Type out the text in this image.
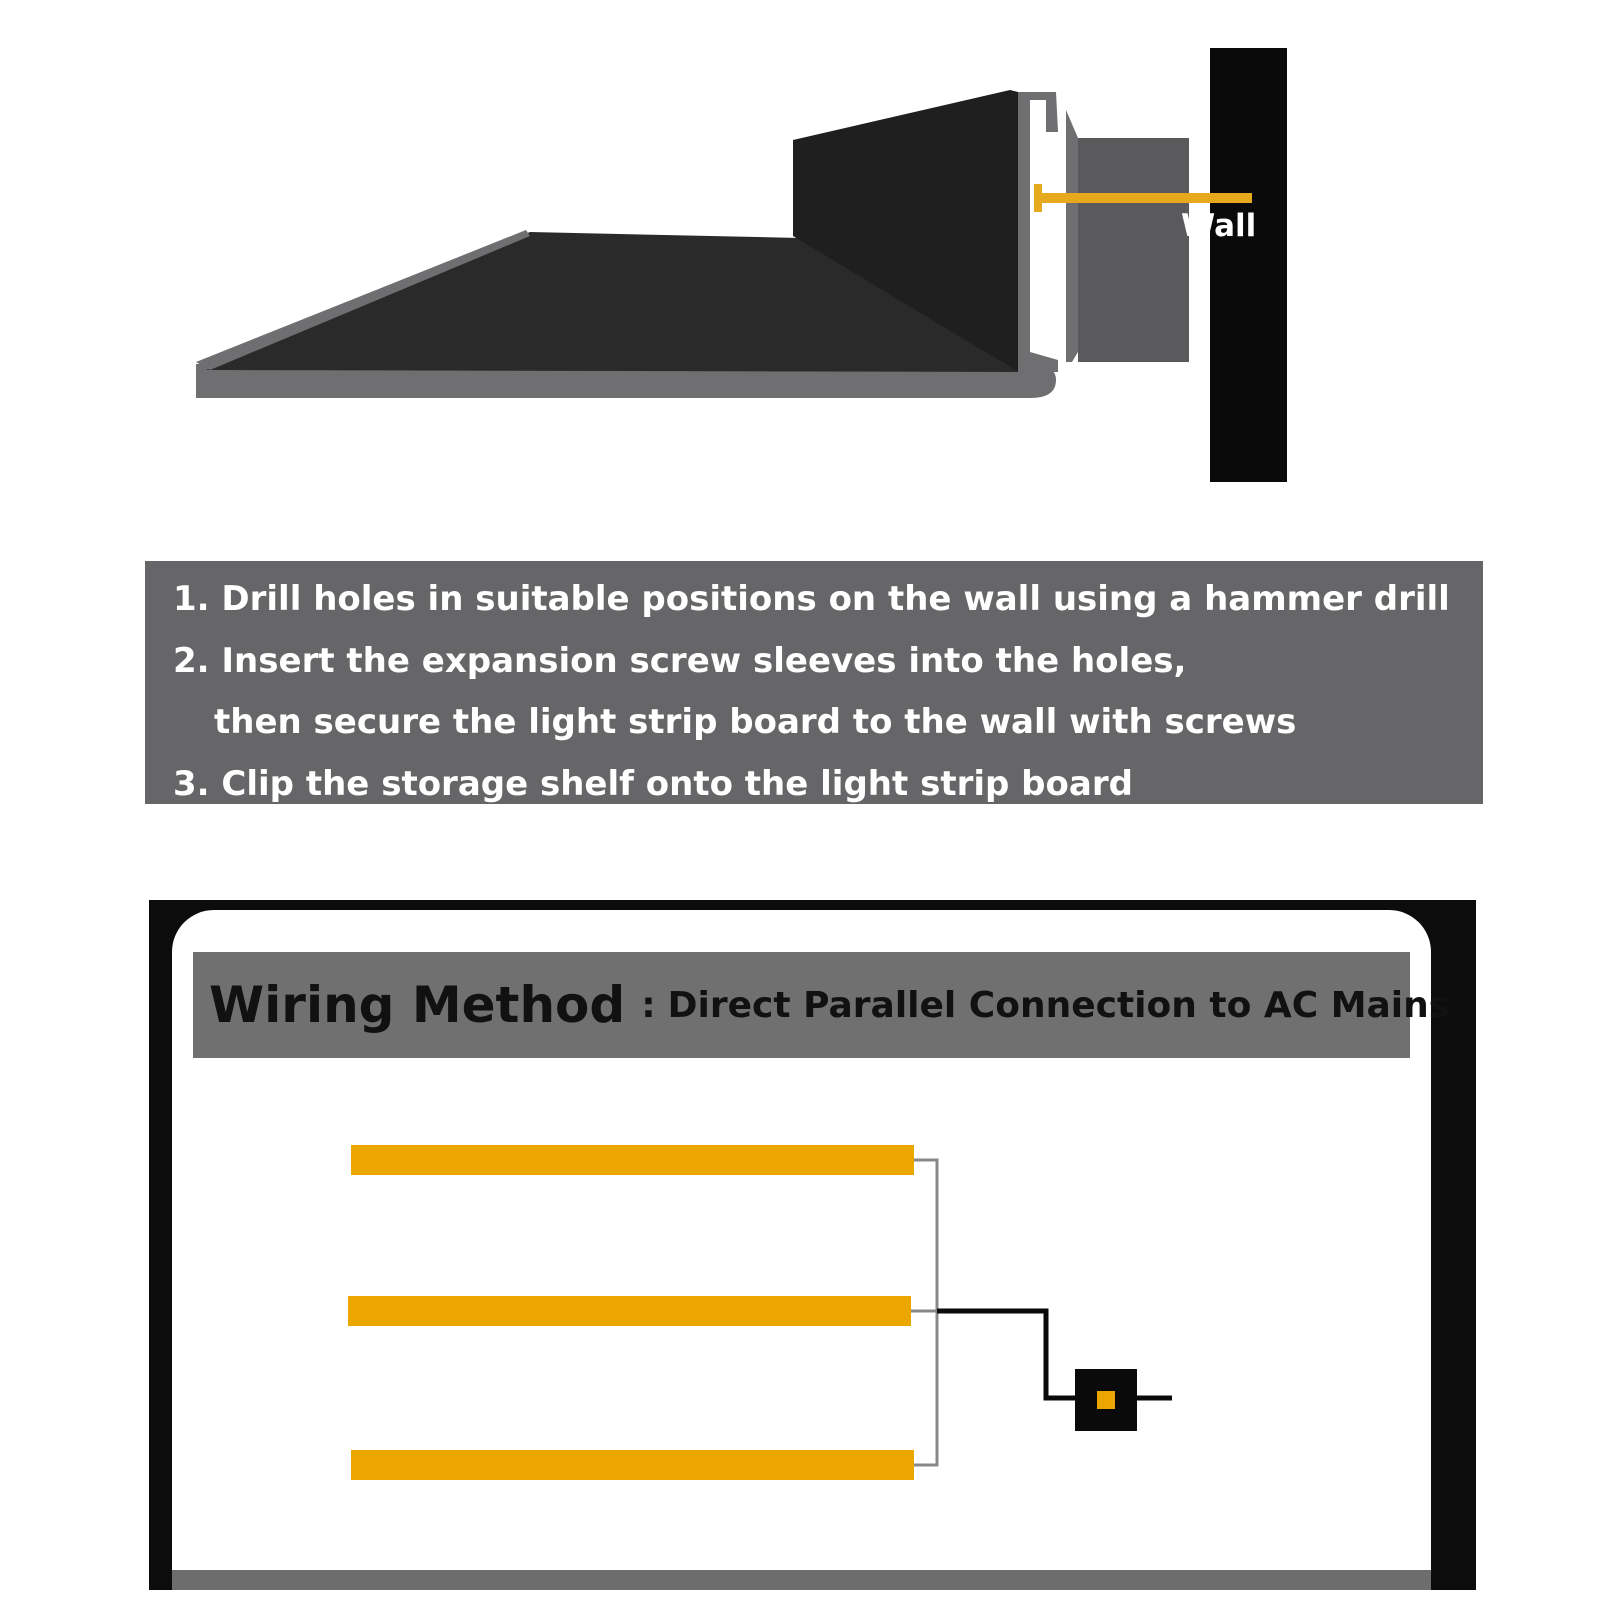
Wall
1. Drill holes in suitable positions on the wall using a hammer drill
2. Insert the expansion screw sleeves into the holes,
then secure the light strip board to the wall with screws
3. Clip the storage shelf onto the light strip board
Wiring Method : Direct Parallel Connection to AC Mains
